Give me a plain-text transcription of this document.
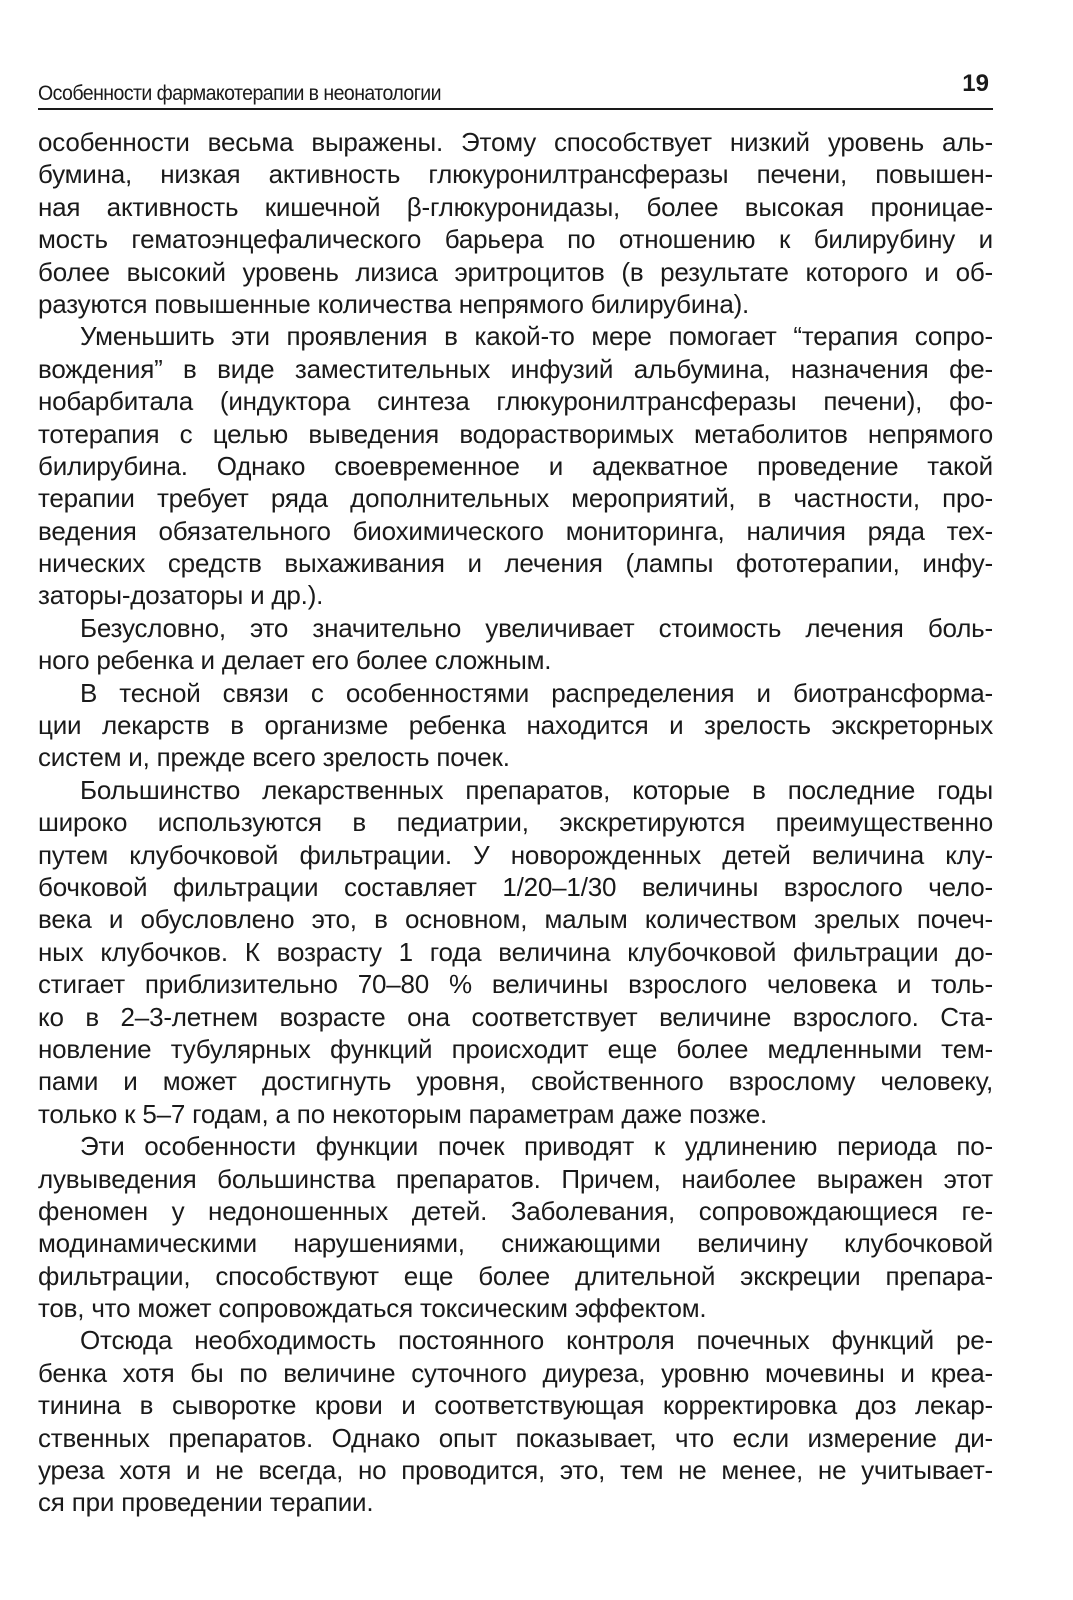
Особенности фармакотерапии в неонатологии	19
особенности весьма выражены. Этому способствует низкий уровень аль-
бумина, низкая активность глюкуронилтрансферазы печени, повышен-
ная активность кишечной β-глюкуронидазы, более высокая проницае-
мость гематоэнцефалического барьера по отношению к билирубину и
более высокий уровень лизиса эритроцитов (в результате которого и об-
разуются повышенные количества непрямого билирубина).
Уменьшить эти проявления в какой-то мере помогает “терапия сопро-
вождения” в виде заместительных инфузий альбумина, назначения фе-
нобарбитала (индуктора синтеза глюкуронилтрансферазы печени), фо-
тотерапия с целью выведения водорастворимых метаболитов непрямого
билирубина. Однако своевременное и адекватное проведение такой
терапии требует ряда дополнительных мероприятий, в частности, про-
ведения обязательного биохимического мониторинга, наличия ряда тех-
нических средств выхаживания и лечения (лампы фототерапии, инфу-
заторы-дозаторы и др.).
Безусловно, это значительно увеличивает стоимость лечения боль-
ного ребенка и делает его более сложным.
В тесной связи с особенностями распределения и биотрансформа-
ции лекарств в организме ребенка находится и зрелость экскреторных
систем и, прежде всего зрелость почек.
Большинство лекарственных препаратов, которые в последние годы
широко используются в педиатрии, экскретируются преимущественно
путем клубочковой фильтрации. У новорожденных детей величина клу-
бочковой фильтрации составляет 1/20–1/30 величины взрослого чело-
века и обусловлено это, в основном, малым количеством зрелых почеч-
ных клубочков. К возрасту 1 года величина клубочковой фильтрации до-
стигает приблизительно 70–80 % величины взрослого человека и толь-
ко в 2–3-летнем возрасте она соответствует величине взрослого. Ста-
новление тубулярных функций происходит еще более медленными тем-
пами и может достигнуть уровня, свойственного взрослому человеку,
только к 5–7 годам, а по некоторым параметрам даже позже.
Эти особенности функции почек приводят к удлинению периода по-
лувыведения большинства препаратов. Причем, наиболее выражен этот
феномен у недоношенных детей. Заболевания, сопровождающиеся ге-
модинамическими нарушениями, снижающими величину клубочковой
фильтрации, способствуют еще более длительной экскреции препара-
тов, что может сопровождаться токсическим эффектом.
Отсюда необходимость постоянного контроля почечных функций ре-
бенка хотя бы по величине суточного диуреза, уровню мочевины и креа-
тинина в сыворотке крови и соответствующая корректировка доз лекар-
ственных препаратов. Однако опыт показывает, что если измерение ди-
уреза хотя и не всегда, но проводится, это, тем не менее, не учитывает-
ся при проведении терапии.
